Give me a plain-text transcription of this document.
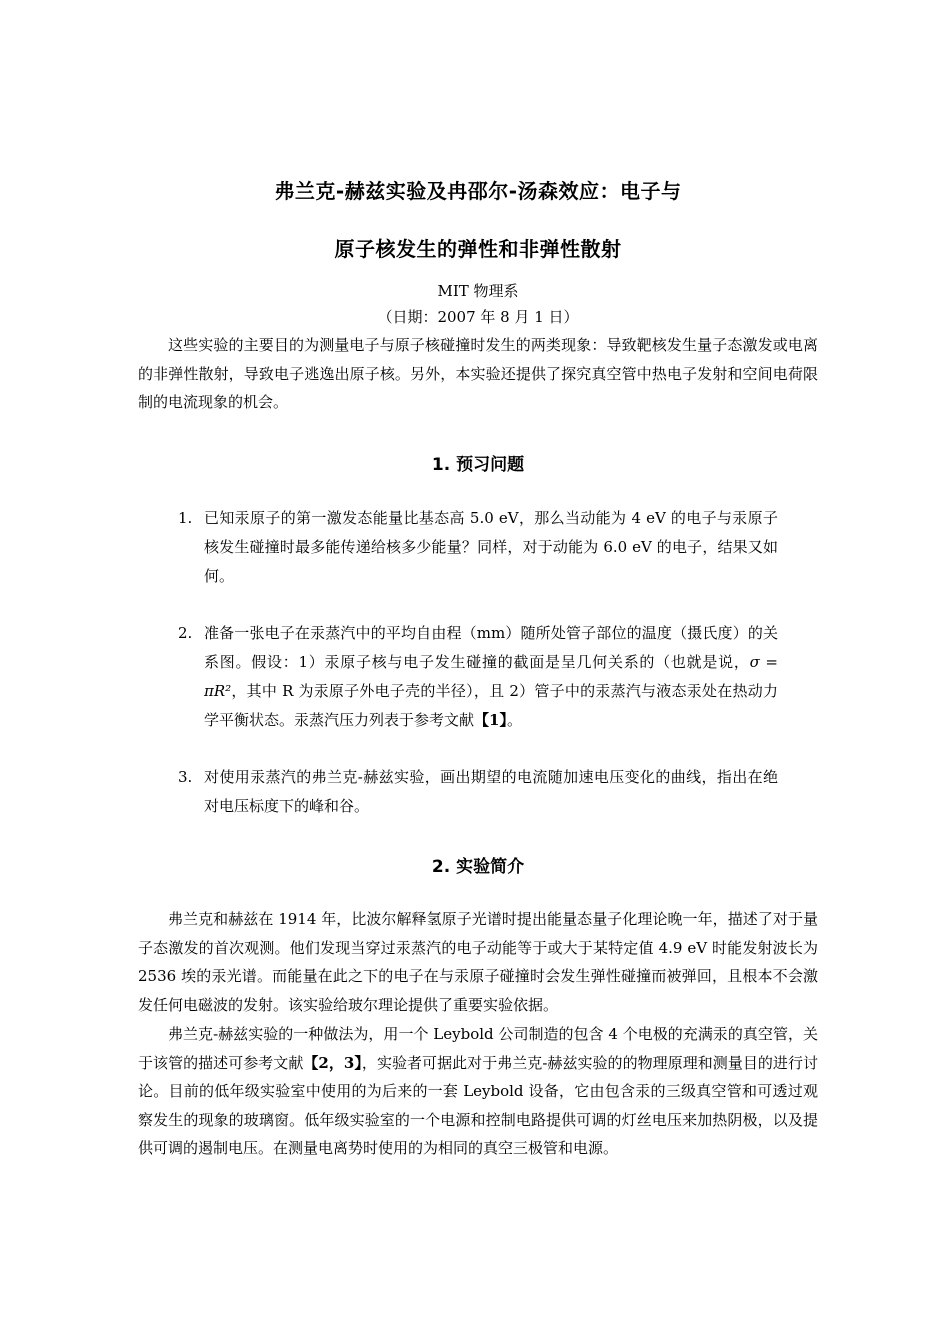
弗兰克-赫兹实验及冉邵尔-汤森效应：电子与
原子核发生的弹性和非弹性散射
MIT 物理系
（日期：2007 年 8 月 1 日）

这些实验的主要目的为测量电子与原子核碰撞时发生的两类现象：导致靶核发生量子态激发或电离的非弹性散射，导致电子逃逸出原子核。另外，本实验还提供了探究真空管中热电子发射和空间电荷限制的电流现象的机会。

1. 预习问题
1. 已知汞原子的第一激发态能量比基态高 5.0 eV，那么当动能为 4 eV 的电子与汞原子核发生碰撞时最多能传递给核多少能量？同样，对于动能为 6.0 eV 的电子，结果又如何。
2. 准备一张电子在汞蒸汽中的平均自由程（mm）随所处管子部位的温度（摄氏度）的关系图。假设：1）汞原子核与电子发生碰撞的截面是呈几何关系的（也就是说，σ = πR²，其中 R 为汞原子外电子壳的半径），且 2）管子中的汞蒸汽与液态汞处在热动力学平衡状态。汞蒸汽压力列表于参考文献【1】。
3. 对使用汞蒸汽的弗兰克-赫兹实验，画出期望的电流随加速电压变化的曲线，指出在绝对电压标度下的峰和谷。
2. 实验简介

弗兰克和赫兹在 1914 年，比波尔解释氢原子光谱时提出能量态量子化理论晚一年，描述了对于量子态激发的首次观测。他们发现当穿过汞蒸汽的电子动能等于或大于某特定值 4.9 eV 时能发射波长为 2536 埃的汞光谱。而能量在此之下的电子在与汞原子碰撞时会发生弹性碰撞而被弹回，且根本不会激发任何电磁波的发射。该实验给玻尔理论提供了重要实验依据。

弗兰克-赫兹实验的一种做法为，用一个 Leybold 公司制造的包含 4 个电极的充满汞的真空管，关于该管的描述可参考文献【2，3】，实验者可据此对于弗兰克-赫兹实验的的物理原理和测量目的进行讨论。目前的低年级实验室中使用的为后来的一套 Leybold 设备，它由包含汞的三级真空管和可透过观察发生的现象的玻璃窗。低年级实验室的一个电源和控制电路提供可调的灯丝电压来加热阴极，以及提供可调的遏制电压。在测量电离势时使用的为相同的真空三极管和电源。
